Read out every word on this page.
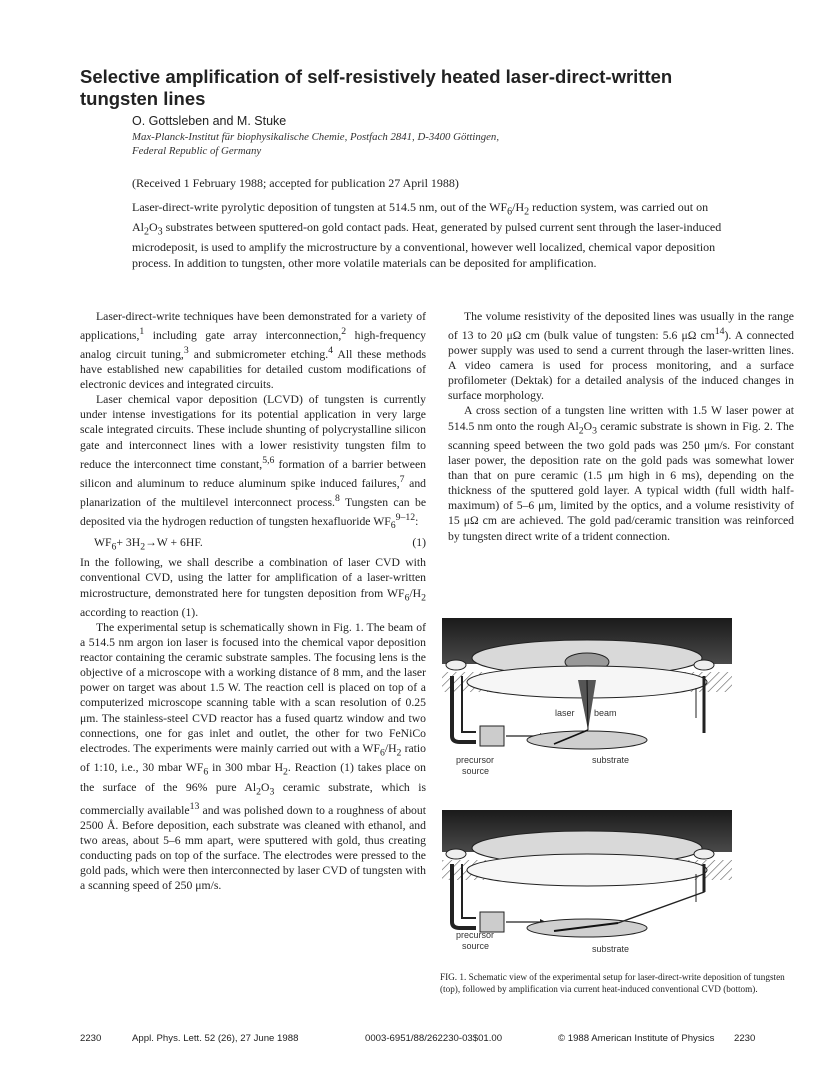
Selective amplification of self-resistively heated laser-direct-written tungsten lines
O. Gottsleben and M. Stuke
Max-Planck-Institut für biophysikalische Chemie, Postfach 2841, D-3400 Göttingen,
Federal Republic of Germany
(Received 1 February 1988; accepted for publication 27 April 1988)
Laser-direct-write pyrolytic deposition of tungsten at 514.5 nm, out of the $WF_6/H_2$ reduction system, was carried out on $Al_2O_3$ substrates between sputtered-on gold contact pads. Heat, generated by pulsed current sent through the laser-induced microdeposit, is used to amplify the microstructure by a conventional, however well localized, chemical vapor deposition process. In addition to tungsten, other more volatile materials can be deposited for amplification.

Laser-direct-write techniques have been demonstrated for a variety of applications,$^1$ including gate array interconnection,$^2$ high-frequency analog circuit tuning,$^3$ and submicrometer etching.$^4$ All these methods have established new capabilities for detailed custom modifications of electronic devices and integrated circuits.

Laser chemical vapor deposition (LCVD) of tungsten is currently under intense investigations for its potential application in very large scale integrated circuits. These include shunting of polycrystalline silicon gate and interconnect lines with a lower resistivity tungsten film to reduce the interconnect time constant,$^{5,6}$ formation of a barrier between silicon and aluminum to reduce aluminum spike induced failures,$^7$ and planarization of the multilevel interconnect process.$^8$ Tungsten can be deposited via the hydrogen reduction of tungsten hexafluoride $WF_6^{9-12}$:

$WF_6+ 3H_2\to W + 6HF$.	(1)

In the following, we shall describe a combination of laser CVD with conventional CVD, using the latter for amplification of a laser-written microstructure, demonstrated here for tungsten deposition from $WF_6/H_2$ according to reaction (1).

The experimental setup is schematically shown in Fig. 1. The beam of a 514.5 nm argon ion laser is focused into the chemical vapor deposition reactor containing the ceramic substrate samples. The focusing lens is the objective of a microscope with a working distance of 8 mm, and the laser power on target was about 1.5 W. The reaction cell is placed on top of a computerized microscope scanning table with a scan resolution of 0.25 μm. The stainless-steel CVD reactor has a fused quartz window and two connections, one for gas inlet and outlet, the other for two FeNiCo electrodes. The experiments were mainly carried out with a $WF_6/H_2$ ratio of 1:10, i.e., 30 mbar $WF_6$ in 300 mbar $H_2$. Reaction (1) takes place on the surface of the 96% pure $Al_2O_3$ ceramic substrate, which is commercially available$^{13}$ and was polished down to a roughness of about 2500 Å. Before deposition, each substrate was cleaned with ethanol, and two areas, about 5–6 mm apart, were sputtered with gold, thus creating conducting pads on top of the surface. The electrodes were pressed to the gold pads, which were then interconnected by laser CVD of tungsten with a scanning speed of 250 μm/s.

The volume resistivity of the deposited lines was usually in the range of 13 to 20 μΩ cm (bulk value of tungsten: 5.6 μΩ $cm^{14}$). A connected power supply was used to send a current through the laser-written lines. A video camera is used for process monitoring, and a surface profilometer (Dektak) for a detailed analysis of the induced changes in surface morphology.

A cross section of a tungsten line written with 1.5 W laser power at 514.5 nm onto the rough $Al_2O_3$ ceramic substrate is shown in Fig. 2. The scanning speed between the two gold pads was 250 μm/s. For constant laser power, the deposition rate on the gold pads was somewhat lower than that on pure ceramic (1.5 μm high in 6 ms), depending on the thickness of the sputtered gold layer. A typical width (full width half-maximum) of 5–6 μm, limited by the optics, and a volume resistivity of 15 μΩ cm are achieved. The gold pad/ceramic transition was reinforced by tungsten direct write of a trident connection.

laser beam
precursor
source
substrate
precursor
source	substrate
FIG. 1. Schematic view of the experimental setup for laser-direct-write deposition of tungsten (top), followed by amplification via current heat-induced conventional CVD (bottom).
2230	Appl. Phys. Lett. 52 (26), 27 June 1988	0003-6951/88/262230-03$01.00	© 1988 American Institute of Physics 2230
